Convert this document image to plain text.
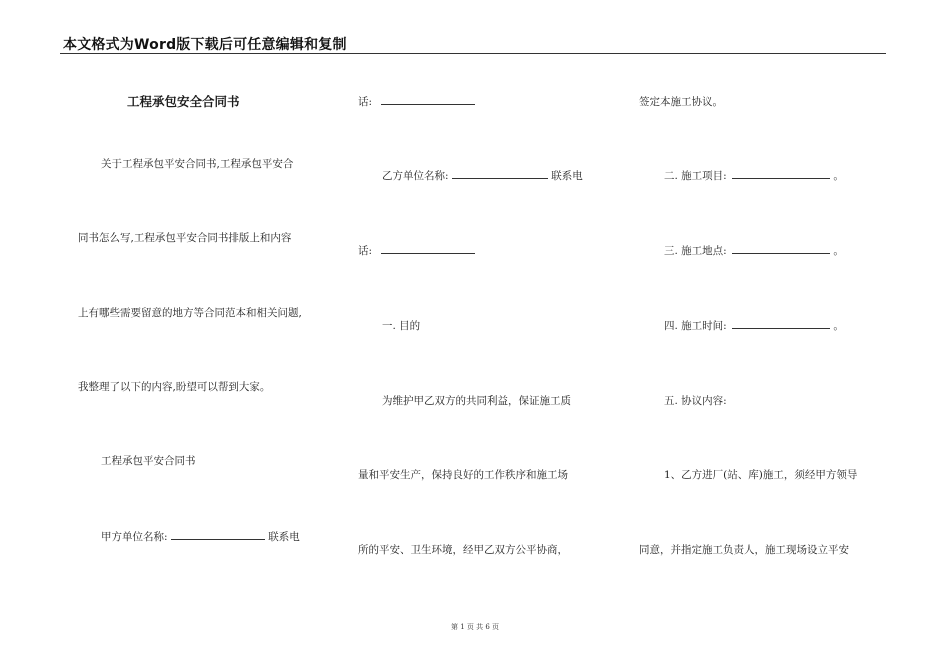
本文格式为Word版下载后可任意编辑和复制
工程承包安全合同书
关于工程承包平安合同书,工程承包平安合
同书怎么写,工程承包平安合同书排版上和内容
上有哪些需要留意的地方等合同范本和相关问题,
我整理了以下的内容,盼望可以帮到大家。
工程承包平安合同书
甲方单位名称:	联系电
话:
乙方单位名称:	联系电
话:
一. 目的
为维护甲乙双方的共同利益，保证施工质
量和平安生产，保持良好的工作秩序和施工场
所的平安、卫生环境，经甲乙双方公平协商，
签定本施工协议。
二. 施工项目:	。
三. 施工地点:	。
四. 施工时间:	。
五. 协议内容:
1、乙方进厂(站、库)施工，须经甲方领导
同意，并指定施工负责人，施工现场设立平安
第 1 页 共 6 页
